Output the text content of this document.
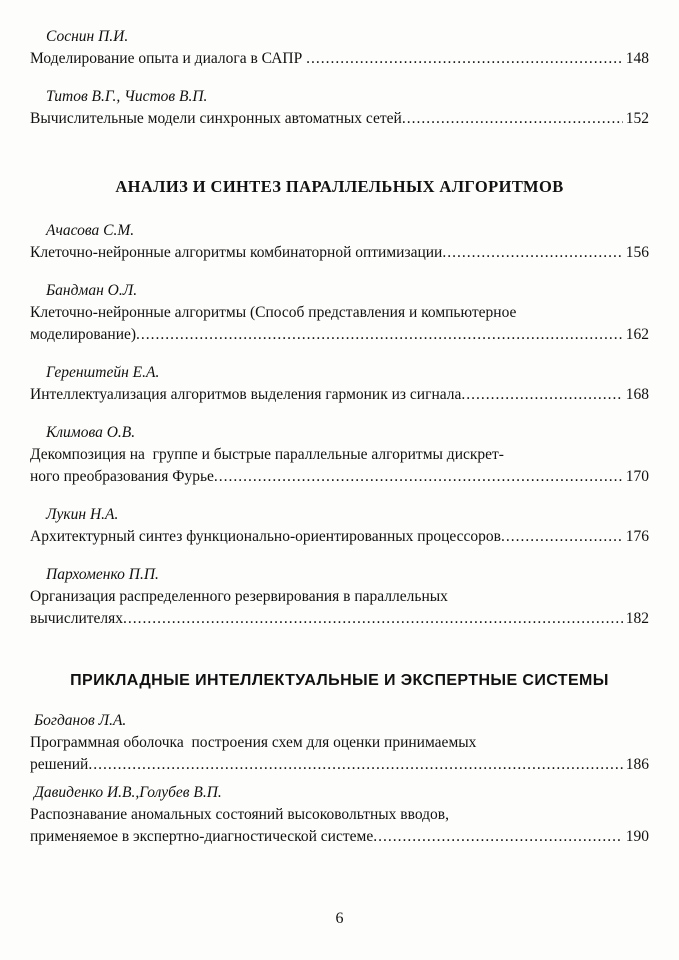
Соснин П.И.
Моделирование опыта и диалога в САПР .....	148
Титов В.Г., Чистов В.П.
Вычислительные модели синхронных автоматных сетей .....	152
АНАЛИЗ И СИНТЕЗ ПАРАЛЛЕЛЬНЫХ АЛГОРИТМОВ
Ачасова С.М.
Клеточно-нейронные алгоритмы комбинаторной оптимизации .....	156
Бандман О.Л.
Клеточно-нейронные алгоритмы (Способ представления и компьютерное
моделирование) .....	162
Геренштейн Е.А.
Интеллектуализация алгоритмов выделения гармоник из сигнала .....	168
Климова О.В.
Декомпозиция на  группе и быстрые параллельные алгоритмы дискрет-
ного преобразования Фурье .....	170
Лукин Н.А.
Архитектурный синтез функционально-ориентированных процессоров .....	176
Пархоменко П.П.
Организация распределенного резервирования в параллельных
вычислителях .....	182
ПРИКЛАДНЫЕ ИНТЕЛЛЕКТУАЛЬНЫЕ И ЭКСПЕРТНЫЕ СИСТЕМЫ
Богданов Л.А.
Программная оболочка  построения схем для оценки принимаемых
решений .....	186
Давиденко И.В.,Голубев В.П.
Распознавание аномальных состояний высоковольтных вводов,
применяемое в экспертно-диагностической системе .....	190
6
